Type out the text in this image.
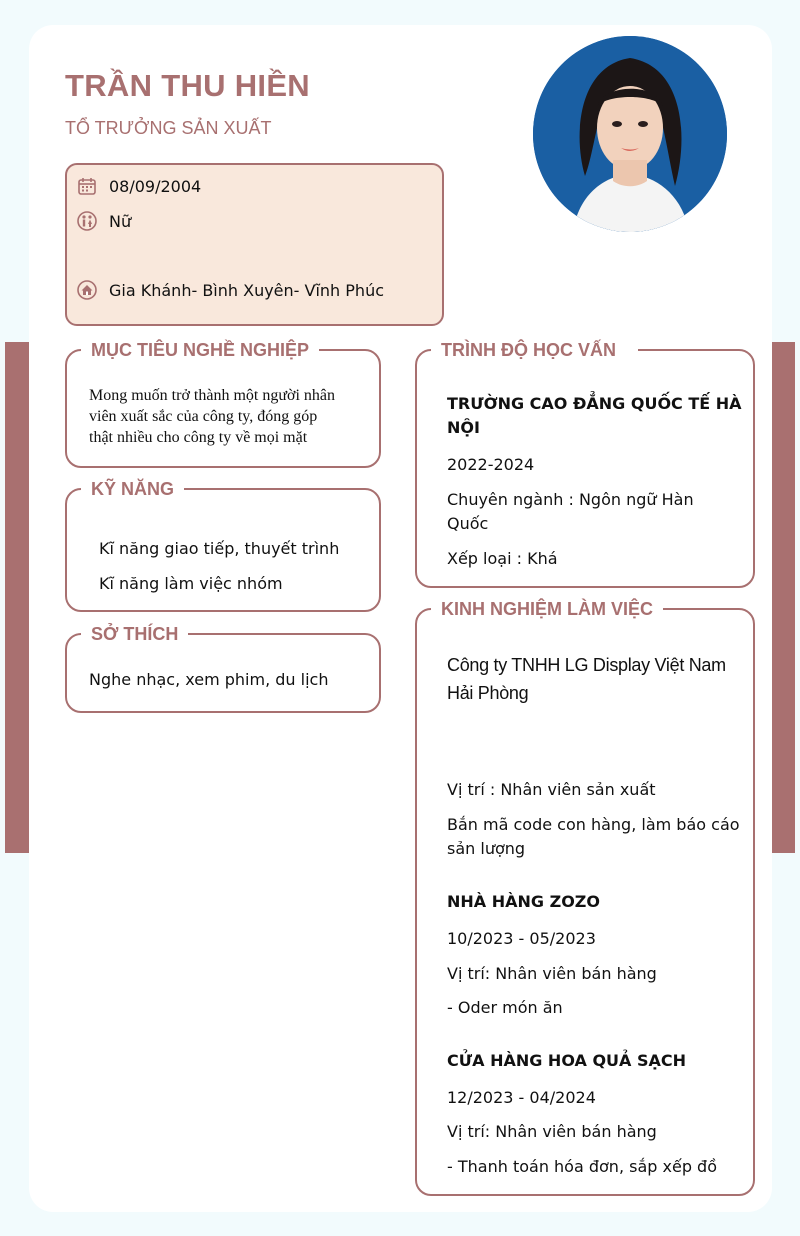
TRẦN THU HIỀN
TỔ TRƯỞNG SẢN XUẤT
08/09/2004
Nữ
Gia Khánh- Bình Xuyên- Vĩnh Phúc
MỤC TIÊU NGHỀ NGHIỆP
Mong muốn trở thành một người nhân
viên xuất sắc của công ty, đóng góp
thật nhiều cho công ty về mọi mặt
KỸ NĂNG
Kĩ năng giao tiếp, thuyết trình
Kĩ năng làm việc nhóm
SỞ THÍCH
Nghe nhạc, xem phim, du lịch
TRÌNH ĐỘ HỌC VẤN
TRƯỜNG CAO ĐẲNG QUỐC TẾ HÀ
NỘI
2022-2024
Chuyên ngành : Ngôn ngữ Hàn
Quốc
Xếp loại : Khá
KINH NGHIỆM LÀM VIỆC
Công ty TNHH LG Display Việt Nam
Hải Phòng
Vị trí : Nhân viên sản xuất
Bắn mã code con hàng, làm báo cáo
sản lượng
NHÀ HÀNG ZOZO
10/2023 - 05/2023
Vị trí: Nhân viên bán hàng
- Oder món ăn
CỬA HÀNG HOA QUẢ SẠCH
12/2023 - 04/2024
Vị trí: Nhân viên bán hàng
- Thanh toán hóa đơn, sắp xếp đồ
